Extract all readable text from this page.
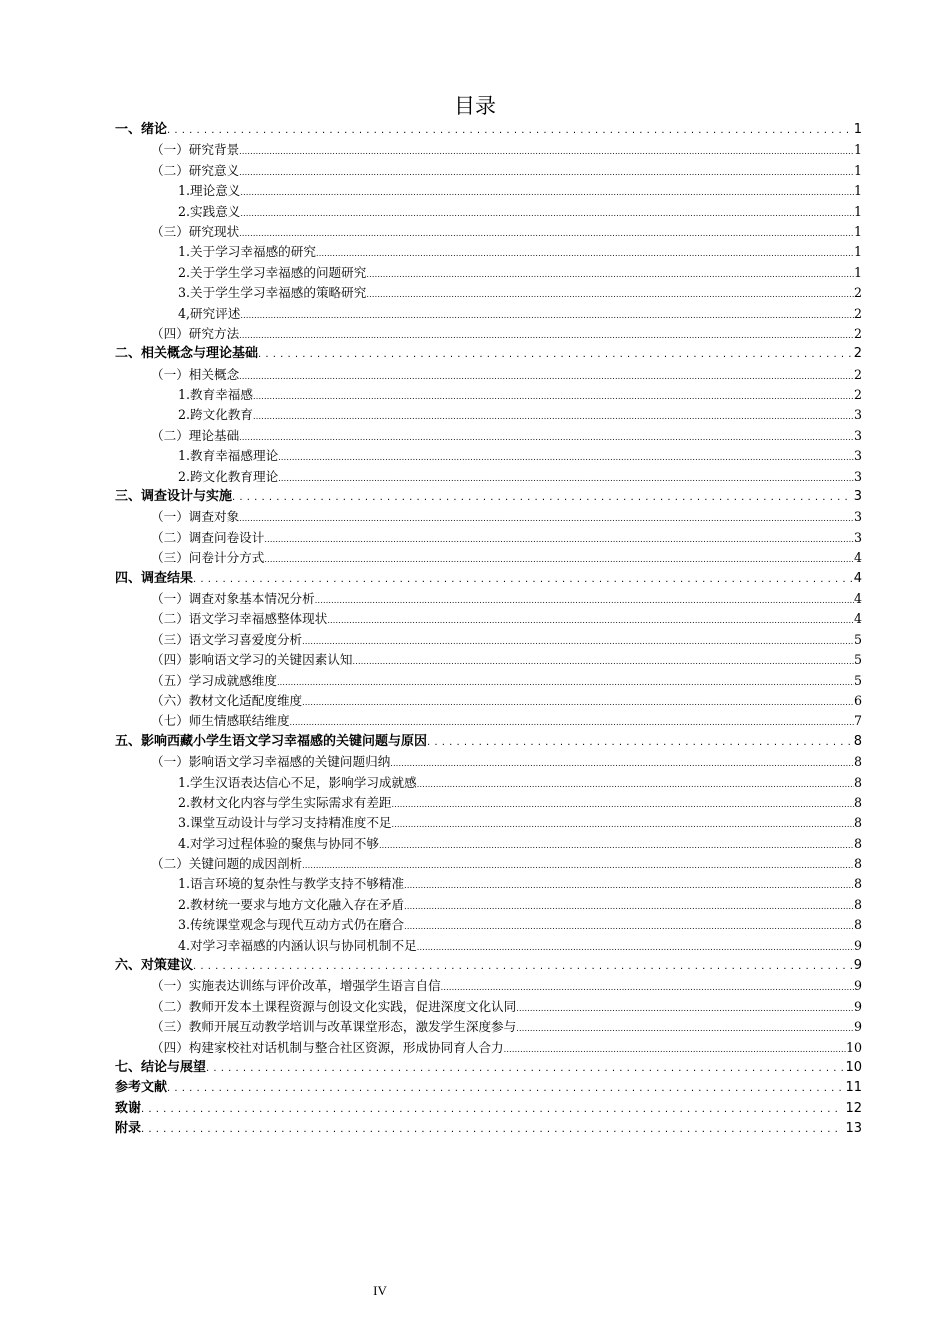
目录
一、绪论 .....	1
（一）研究背景 .....	1
（二）研究意义 .....	1
1.理论意义 .....	1
2.实践意义 .....	1
（三）研究现状 .....	1
1.关于学习幸福感的研究 .....	1
2.关于学生学习幸福感的问题研究 .....	1
3.关于学生学习幸福感的策略研究 .....	2
4,研究评述 .....	2
（四）研究方法 .....	2
二、相关概念与理论基础 .....	2
（一）相关概念 .....	2
1.教育幸福感 .....	2
2.跨文化教育 .....	3
（二）理论基础 .....	3
1.教育幸福感理论 .....	3
2.跨文化教育理论 .....	3
三、调查设计与实施 .....	3
（一）调查对象 .....	3
（二）调查问卷设计 .....	3
（三）问卷计分方式 .....	4
四、调查结果 .....	4
（一）调查对象基本情况分析 .....	4
（二）语文学习幸福感整体现状 .....	4
（三）语文学习喜爱度分析 .....	5
（四）影响语文学习的关键因素认知 .....	5
（五）学习成就感维度 .....	5
（六）教材文化适配度维度 .....	6
（七）师生情感联结维度 .....	7
五、影响西藏小学生语文学习幸福感的关键问题与原因 .....	8
（一）影响语文学习幸福感的关键问题归纳 .....	8
1.学生汉语表达信心不足，影响学习成就感 .....	8
2.教材文化内容与学生实际需求有差距 .....	8
3.课堂互动设计与学习支持精准度不足 .....	8
4.对学习过程体验的聚焦与协同不够 .....	8
（二）关键问题的成因剖析 .....	8
1.语言环境的复杂性与教学支持不够精准 .....	8
2.教材统一要求与地方文化融入存在矛盾 .....	8
3.传统课堂观念与现代互动方式仍在磨合 .....	8
4.对学习幸福感的内涵认识与协同机制不足 .....	9
六、对策建议 .....	9
（一）实施表达训练与评价改革，增强学生语言自信 .....	9
（二）教师开发本土课程资源与创设文化实践，促进深度文化认同 .....	9
（三）教师开展互动教学培训与改革课堂形态，激发学生深度参与 .....	9
（四）构建家校社对话机制与整合社区资源，形成协同育人合力 .....	10
七、结论与展望 .....	10
参考文献 .....	11
致谢 .....	12
附录 .....	13
IV
